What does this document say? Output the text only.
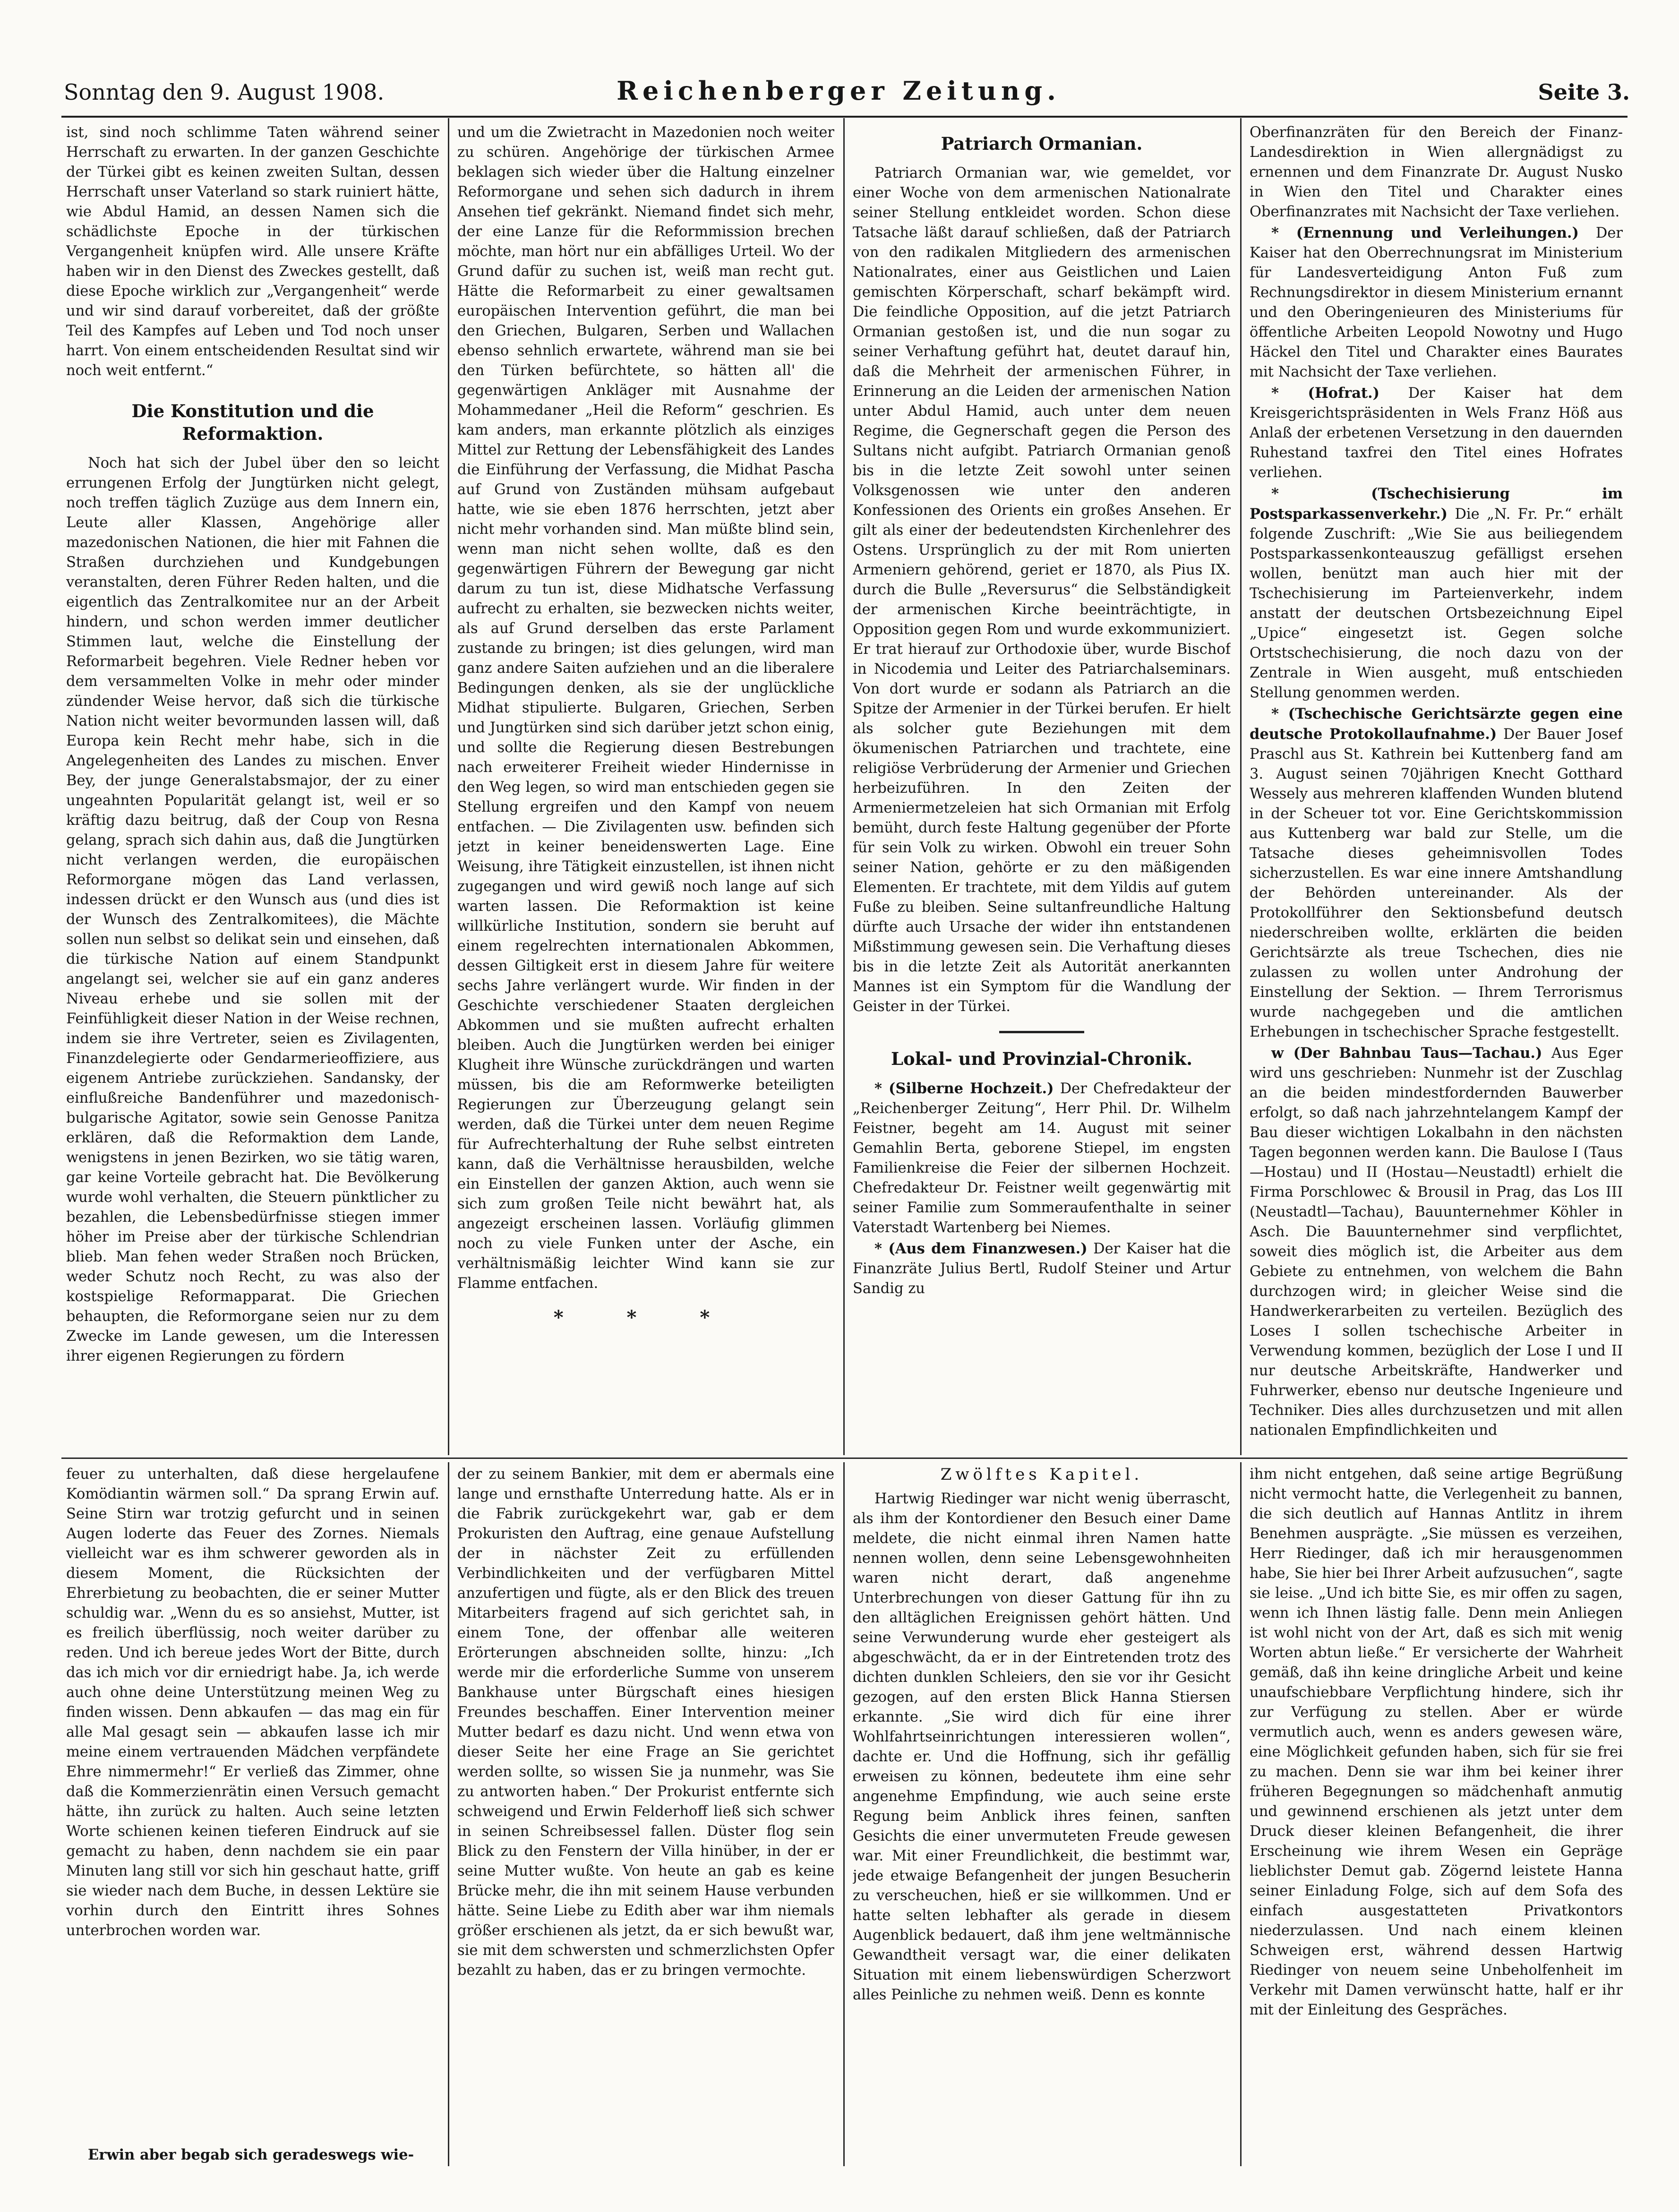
Sonntag den 9. August 1908.	Reichenberger Zeitung.	Seite 3.

ist, sind noch schlimme Taten während seiner Herrschaft zu erwarten. In der ganzen Geschichte der Türkei gibt es keinen zweiten Sultan, dessen Herrschaft unser Vaterland so stark ruiniert hätte, wie Abdul Hamid, an dessen Namen sich die schädlichste Epoche in der türkischen Vergangenheit knüpfen wird. Alle unsere Kräfte haben wir in den Dienst des Zweckes gestellt, daß diese Epoche wirklich zur „Vergangenheit“ werde und wir sind darauf vorbereitet, daß der größte Teil des Kampfes auf Leben und Tod noch unser harrt. Von einem entscheidenden Resultat sind wir noch weit entfernt.“

Die Konstitution und die Reformaktion.

Noch hat sich der Jubel über den so leicht errungenen Erfolg der Jungtürken nicht gelegt, noch treffen täglich Zuzüge aus dem Innern ein, Leute aller Klassen, Angehörige aller mazedonischen Nationen, die hier mit Fahnen die Straßen durchziehen und Kundgebungen veranstalten, deren Führer Reden halten, und die eigentlich das Zentralkomitee nur an der Arbeit hindern, und schon werden immer deutlicher Stimmen laut, welche die Einstellung der Reformarbeit begehren. Viele Redner heben vor dem versammelten Volke in mehr oder minder zündender Weise hervor, daß sich die türkische Nation nicht weiter bevormunden lassen will, daß Europa kein Recht mehr habe, sich in die Angelegenheiten des Landes zu mischen. Enver Bey, der junge Generalstabsmajor, der zu einer ungeahnten Popularität gelangt ist, weil er so kräftig dazu beitrug, daß der Coup von Resna gelang, sprach sich dahin aus, daß die Jungtürken nicht verlangen werden, die europäischen Reformorgane mögen das Land verlassen, indessen drückt er den Wunsch aus (und dies ist der Wunsch des Zentralkomitees), die Mächte sollen nun selbst so delikat sein und einsehen, daß die türkische Nation auf einem Standpunkt angelangt sei, welcher sie auf ein ganz anderes Niveau erhebe und sie sollen mit der Feinfühligkeit dieser Nation in der Weise rechnen, indem sie ihre Vertreter, seien es Zivilagenten, Finanzdelegierte oder Gendarmerieoffiziere, aus eigenem Antriebe zurückziehen. Sandansky, der einflußreiche Bandenführer und mazedonisch-bulgarische Agitator, sowie sein Genosse Panitza erklären, daß die Reformaktion dem Lande, wenigstens in jenen Bezirken, wo sie tätig waren, gar keine Vorteile gebracht hat. Die Bevölkerung wurde wohl verhalten, die Steuern pünktlicher zu bezahlen, die Lebensbedürfnisse stiegen immer höher im Preise aber der türkische Schlendrian blieb. Man fehen weder Straßen noch Brücken, weder Schutz noch Recht, zu was also der kostspielige Reformapparat. Die Griechen behaupten, die Reformorgane seien nur zu dem Zwecke im Lande gewesen, um die Interessen ihrer eigenen Regierungen zu fördern

und um die Zwietracht in Mazedonien noch weiter zu schüren. Angehörige der türkischen Armee beklagen sich wieder über die Haltung einzelner Reformorgane und sehen sich dadurch in ihrem Ansehen tief gekränkt. Niemand findet sich mehr, der eine Lanze für die Reformmission brechen möchte, man hört nur ein abfälliges Urteil. Wo der Grund dafür zu suchen ist, weiß man recht gut. Hätte die Reformarbeit zu einer gewaltsamen europäischen Intervention geführt, die man bei den Griechen, Bulgaren, Serben und Wallachen ebenso sehnlich erwartete, während man sie bei den Türken befürchtete, so hätten all' die gegenwärtigen Ankläger mit Ausnahme der Mohammedaner „Heil die Reform“ geschrien. Es kam anders, man erkannte plötzlich als einziges Mittel zur Rettung der Lebensfähigkeit des Landes die Einführung der Verfassung, die Midhat Pascha auf Grund von Zuständen mühsam aufgebaut hatte, wie sie eben 1876 herrschten, jetzt aber nicht mehr vorhanden sind. Man müßte blind sein, wenn man nicht sehen wollte, daß es den gegenwärtigen Führern der Bewegung gar nicht darum zu tun ist, diese Midhatsche Verfassung aufrecht zu erhalten, sie bezwecken nichts weiter, als auf Grund derselben das erste Parlament zustande zu bringen; ist dies gelungen, wird man ganz andere Saiten aufziehen und an die liberalere Bedingungen denken, als sie der unglückliche Midhat stipulierte. Bulgaren, Griechen, Serben und Jungtürken sind sich darüber jetzt schon einig, und sollte die Regierung diesen Bestrebungen nach erweiterer Freiheit wieder Hindernisse in den Weg legen, so wird man entschieden gegen sie Stellung ergreifen und den Kampf von neuem entfachen. — Die Zivilagenten usw. befinden sich jetzt in keiner beneidenswerten Lage. Eine Weisung, ihre Tätigkeit einzustellen, ist ihnen nicht zugegangen und wird gewiß noch lange auf sich warten lassen. Die Reformaktion ist keine willkürliche Institution, sondern sie beruht auf einem regelrechten internationalen Abkommen, dessen Giltigkeit erst in diesem Jahre für weitere sechs Jahre verlängert wurde. Wir finden in der Geschichte verschiedener Staaten dergleichen Abkommen und sie mußten aufrecht erhalten bleiben. Auch die Jungtürken werden bei einiger Klugheit ihre Wünsche zurückdrängen und warten müssen, bis die am Reformwerke beteiligten Regierungen zur Überzeugung gelangt sein werden, daß die Türkei unter dem neuen Regime für Aufrechterhaltung der Ruhe selbst eintreten kann, daß die Verhältnisse herausbilden, welche ein Einstellen der ganzen Aktion, auch wenn sie sich zum großen Teile nicht bewährt hat, als angezeigt erscheinen lassen. Vorläufig glimmen noch zu viele Funken unter der Asche, ein verhältnismäßig leichter Wind kann sie zur Flamme entfachen.

* * *
Patriarch Ormanian.

Patriarch Ormanian war, wie gemeldet, vor einer Woche von dem armenischen Nationalrate seiner Stellung entkleidet worden. Schon diese Tatsache läßt darauf schließen, daß der Patriarch von den radikalen Mitgliedern des armenischen Nationalrates, einer aus Geistlichen und Laien gemischten Körperschaft, scharf bekämpft wird. Die feindliche Opposition, auf die jetzt Patriarch Ormanian gestoßen ist, und die nun sogar zu seiner Verhaftung geführt hat, deutet darauf hin, daß die Mehrheit der armenischen Führer, in Erinnerung an die Leiden der armenischen Nation unter Abdul Hamid, auch unter dem neuen Regime, die Gegnerschaft gegen die Person des Sultans nicht aufgibt. Patriarch Ormanian genoß bis in die letzte Zeit sowohl unter seinen Volksgenossen wie unter den anderen Konfessionen des Orients ein großes Ansehen. Er gilt als einer der bedeutendsten Kirchenlehrer des Ostens. Ursprünglich zu der mit Rom unierten Armeniern gehörend, geriet er 1870, als Pius IX. durch die Bulle „Reversurus“ die Selbständigkeit der armenischen Kirche beeinträchtigte, in Opposition gegen Rom und wurde exkommuniziert. Er trat hierauf zur Orthodoxie über, wurde Bischof in Nicodemia und Leiter des Patriarchalseminars. Von dort wurde er sodann als Patriarch an die Spitze der Armenier in der Türkei berufen. Er hielt als solcher gute Beziehungen mit dem ökumenischen Patriarchen und trachtete, eine religiöse Verbrüderung der Armenier und Griechen herbeizuführen. In den Zeiten der Armeniermetzeleien hat sich Ormanian mit Erfolg bemüht, durch feste Haltung gegenüber der Pforte für sein Volk zu wirken. Obwohl ein treuer Sohn seiner Nation, gehörte er zu den mäßigenden Elementen. Er trachtete, mit dem Yildis auf gutem Fuße zu bleiben. Seine sultanfreundliche Haltung dürfte auch Ursache der wider ihn entstandenen Mißstimmung gewesen sein. Die Verhaftung dieses bis in die letzte Zeit als Autorität anerkannten Mannes ist ein Symptom für die Wandlung der Geister in der Türkei.

Lokal- und Provinzial-Chronik.

* (Silberne Hochzeit.) Der Chefredakteur der „Reichenberger Zeitung“, Herr Phil. Dr. Wilhelm Feistner, begeht am 14. August mit seiner Gemahlin Berta, geborene Stiepel, im engsten Familienkreise die Feier der silbernen Hochzeit. Chefredakteur Dr. Feistner weilt gegenwärtig mit seiner Familie zum Sommeraufenthalte in seiner Vaterstadt Wartenberg bei Niemes.

* (Aus dem Finanzwesen.) Der Kaiser hat die Finanzräte Julius Bertl, Rudolf Steiner und Artur Sandig zu

Oberfinanzräten für den Bereich der Finanz-Landesdirektion in Wien allergnädigst zu ernennen und dem Finanzrate Dr. August Nusko in Wien den Titel und Charakter eines Oberfinanzrates mit Nachsicht der Taxe verliehen.

* (Ernennung und Verleihungen.) Der Kaiser hat den Oberrechnungsrat im Ministerium für Landesverteidigung Anton Fuß zum Rechnungsdirektor in diesem Ministerium ernannt und den Oberingenieuren des Ministeriums für öffentliche Arbeiten Leopold Nowotny und Hugo Häckel den Titel und Charakter eines Baurates mit Nachsicht der Taxe verliehen.

* (Hofrat.) Der Kaiser hat dem Kreisgerichtspräsidenten in Wels Franz Höß aus Anlaß der erbetenen Versetzung in den dauernden Ruhestand taxfrei den Titel eines Hofrates verliehen.

* (Tschechisierung im Postsparkassenverkehr.) Die „N. Fr. Pr.“ erhält folgende Zuschrift: „Wie Sie aus beiliegendem Postsparkassenkonteauszug gefälligst ersehen wollen, benützt man auch hier mit der Tschechisierung im Parteienverkehr, indem anstatt der deutschen Ortsbezeichnung Eipel „Upice“ eingesetzt ist. Gegen solche Ortstschechisierung, die noch dazu von der Zentrale in Wien ausgeht, muß entschieden Stellung genommen werden.

* (Tschechische Gerichtsärzte gegen eine deutsche Protokollaufnahme.) Der Bauer Josef Praschl aus St. Kathrein bei Kuttenberg fand am 3. August seinen 70jährigen Knecht Gotthard Wessely aus mehreren klaffenden Wunden blutend in der Scheuer tot vor. Eine Gerichtskommission aus Kuttenberg war bald zur Stelle, um die Tatsache dieses geheimnisvollen Todes sicherzustellen. Es war eine innere Amtshandlung der Behörden untereinander. Als der Protokollführer den Sektionsbefund deutsch niederschreiben wollte, erklärten die beiden Gerichtsärzte als treue Tschechen, dies nie zulassen zu wollen unter Androhung der Einstellung der Sektion. — Ihrem Terrorismus wurde nachgegeben und die amtlichen Erhebungen in tschechischer Sprache festgestellt.

w (Der Bahnbau Taus—Tachau.) Aus Eger wird uns geschrieben: Nunmehr ist der Zuschlag an die beiden mindestfordernden Bauwerber erfolgt, so daß nach jahrzehntelangem Kampf der Bau dieser wichtigen Lokalbahn in den nächsten Tagen begonnen werden kann. Die Baulose I (Taus—Hostau) und II (Hostau—Neustadtl) erhielt die Firma Porschlowec & Brousil in Prag, das Los III (Neustadtl—Tachau), Bauunternehmer Köhler in Asch. Die Bauunternehmer sind verpflichtet, soweit dies möglich ist, die Arbeiter aus dem Gebiete zu entnehmen, von welchem die Bahn durchzogen wird; in gleicher Weise sind die Handwerkerarbeiten zu verteilen. Bezüglich des Loses I sollen tschechische Arbeiter in Verwendung kommen, bezüglich der Lose I und II nur deutsche Arbeitskräfte, Handwerker und Fuhrwerker, ebenso nur deutsche Ingenieure und Techniker. Dies alles durchzusetzen und mit allen nationalen Empfindlichkeiten und

feuer zu unterhalten, daß diese hergelaufene Komödiantin wärmen soll.“ Da sprang Erwin auf. Seine Stirn war trotzig gefurcht und in seinen Augen loderte das Feuer des Zornes. Niemals vielleicht war es ihm schwerer geworden als in diesem Moment, die Rücksichten der Ehrerbietung zu beobachten, die er seiner Mutter schuldig war. „Wenn du es so ansiehst, Mutter, ist es freilich überflüssig, noch weiter darüber zu reden. Und ich bereue jedes Wort der Bitte, durch das ich mich vor dir erniedrigt habe. Ja, ich werde auch ohne deine Unterstützung meinen Weg zu finden wissen. Denn abkaufen — das mag ein für alle Mal gesagt sein — abkaufen lasse ich mir meine einem vertrauenden Mädchen verpfändete Ehre nimmermehr!“ Er verließ das Zimmer, ohne daß die Kommerzienrätin einen Versuch gemacht hätte, ihn zurück zu halten. Auch seine letzten Worte schienen keinen tieferen Eindruck auf sie gemacht zu haben, denn nachdem sie ein paar Minuten lang still vor sich hin geschaut hatte, griff sie wieder nach dem Buche, in dessen Lektüre sie vorhin durch den Eintritt ihres Sohnes unterbrochen worden war.

Erwin aber begab sich geradeswegs wie-

der zu seinem Bankier, mit dem er abermals eine lange und ernsthafte Unterredung hatte. Als er in die Fabrik zurückgekehrt war, gab er dem Prokuristen den Auftrag, eine genaue Aufstellung der in nächster Zeit zu erfüllenden Verbindlichkeiten und der verfügbaren Mittel anzufertigen und fügte, als er den Blick des treuen Mitarbeiters fragend auf sich gerichtet sah, in einem Tone, der offenbar alle weiteren Erörterungen abschneiden sollte, hinzu: „Ich werde mir die erforderliche Summe von unserem Bankhause unter Bürgschaft eines hiesigen Freundes beschaffen. Einer Intervention meiner Mutter bedarf es dazu nicht. Und wenn etwa von dieser Seite her eine Frage an Sie gerichtet werden sollte, so wissen Sie ja nunmehr, was Sie zu antworten haben.“ Der Prokurist entfernte sich schweigend und Erwin Felderhoff ließ sich schwer in seinen Schreibsessel fallen. Düster flog sein Blick zu den Fenstern der Villa hinüber, in der er seine Mutter wußte. Von heute an gab es keine Brücke mehr, die ihn mit seinem Hause verbunden hätte. Seine Liebe zu Edith aber war ihm niemals größer erschienen als jetzt, da er sich bewußt war, sie mit dem schwersten und schmerzlichsten Opfer bezahlt zu haben, das er zu bringen vermochte.

Zwölftes Kapitel.

Hartwig Riedinger war nicht wenig überrascht, als ihm der Kontordiener den Besuch einer Dame meldete, die nicht einmal ihren Namen hatte nennen wollen, denn seine Lebensgewohnheiten waren nicht derart, daß angenehme Unterbrechungen von dieser Gattung für ihn zu den alltäglichen Ereignissen gehört hätten. Und seine Verwunderung wurde eher gesteigert als abgeschwächt, da er in der Eintretenden trotz des dichten dunklen Schleiers, den sie vor ihr Gesicht gezogen, auf den ersten Blick Hanna Stiersen erkannte. „Sie wird dich für eine ihrer Wohlfahrtseinrichtungen interessieren wollen“, dachte er. Und die Hoffnung, sich ihr gefällig erweisen zu können, bedeutete ihm eine sehr angenehme Empfindung, wie auch seine erste Regung beim Anblick ihres feinen, sanften Gesichts die einer unvermuteten Freude gewesen war. Mit einer Freundlichkeit, die bestimmt war, jede etwaige Befangenheit der jungen Besucherin zu verscheuchen, hieß er sie willkommen. Und er hatte selten lebhafter als gerade in diesem Augenblick bedauert, daß ihm jene weltmännische Gewandtheit versagt war, die einer delikaten Situation mit einem liebenswürdigen Scherzwort alles Peinliche zu nehmen weiß. Denn es konnte

ihm nicht entgehen, daß seine artige Begrüßung nicht vermocht hatte, die Verlegenheit zu bannen, die sich deutlich auf Hannas Antlitz in ihrem Benehmen ausprägte. „Sie müssen es verzeihen, Herr Riedinger, daß ich mir herausgenommen habe, Sie hier bei Ihrer Arbeit aufzusuchen“, sagte sie leise. „Und ich bitte Sie, es mir offen zu sagen, wenn ich Ihnen lästig falle. Denn mein Anliegen ist wohl nicht von der Art, daß es sich mit wenig Worten abtun ließe.“ Er versicherte der Wahrheit gemäß, daß ihn keine dringliche Arbeit und keine unaufschiebbare Verpflichtung hindere, sich ihr zur Verfügung zu stellen. Aber er würde vermutlich auch, wenn es anders gewesen wäre, eine Möglichkeit gefunden haben, sich für sie frei zu machen. Denn sie war ihm bei keiner ihrer früheren Begegnungen so mädchenhaft anmutig und gewinnend erschienen als jetzt unter dem Druck dieser kleinen Befangenheit, die ihrer Erscheinung wie ihrem Wesen ein Gepräge lieblichster Demut gab. Zögernd leistete Hanna seiner Einladung Folge, sich auf dem Sofa des einfach ausgestatteten Privatkontors niederzulassen. Und nach einem kleinen Schweigen erst, während dessen Hartwig Riedinger von neuem seine Unbeholfenheit im Verkehr mit Damen verwünscht hatte, half er ihr mit der Einleitung des Gespräches.
